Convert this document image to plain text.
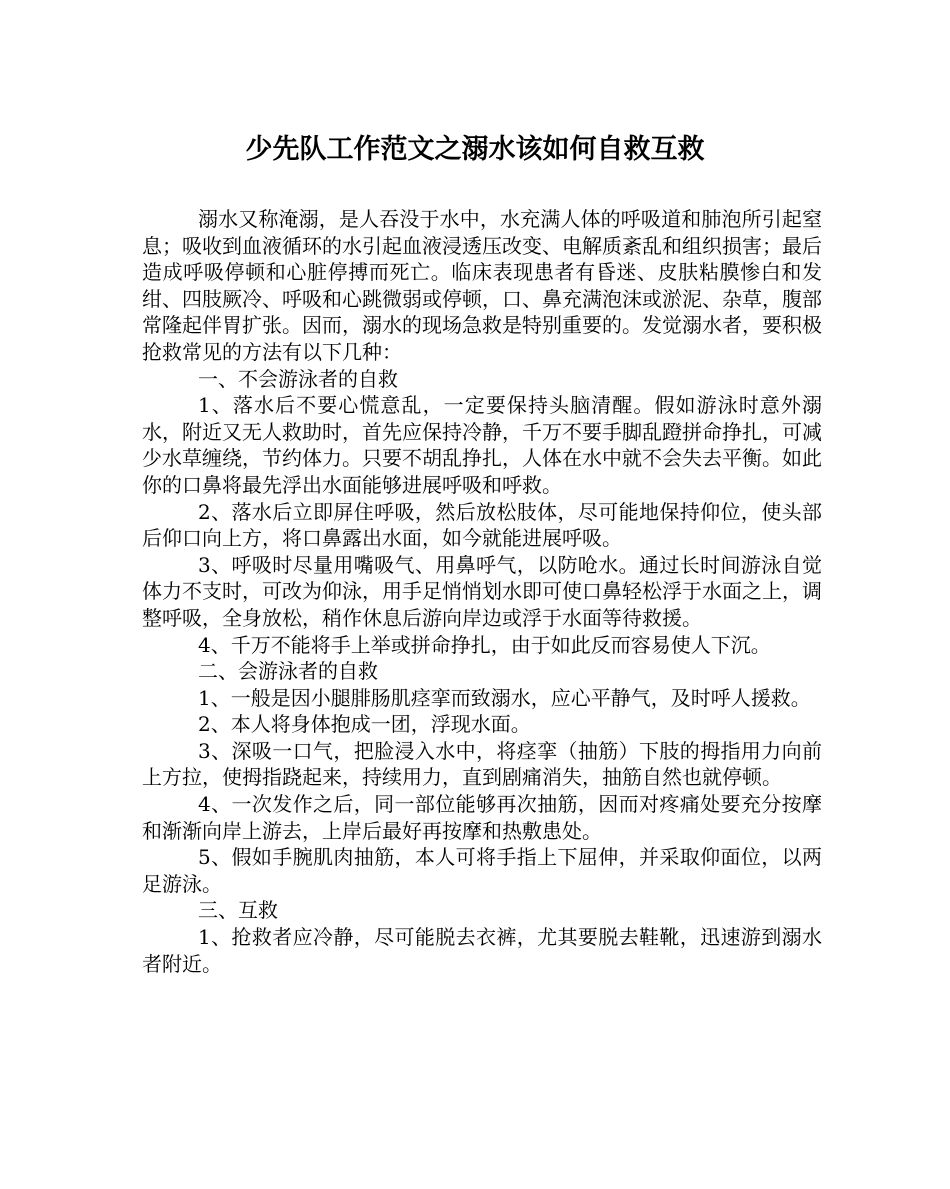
少先队工作范文之溺水该如何自救互救

溺水又称淹溺，是人吞没于水中，水充满人体的呼吸道和肺泡所引起窒息；吸收到血液循环的水引起血液浸透压改变、电解质紊乱和组织损害；最后造成呼吸停顿和心脏停搏而死亡。临床表现患者有昏迷、皮肤粘膜惨白和发绀、四肢厥冷、呼吸和心跳微弱或停顿，口、鼻充满泡沫或淤泥、杂草，腹部常隆起伴胃扩张。因而，溺水的现场急救是特别重要的。发觉溺水者，要积极抢救常见的方法有以下几种：

一、不会游泳者的自救

1、落水后不要心慌意乱，一定要保持头脑清醒。假如游泳时意外溺水，附近又无人救助时，首先应保持冷静，千万不要手脚乱蹬拼命挣扎，可减少水草缠绕，节约体力。只要不胡乱挣扎，人体在水中就不会失去平衡。如此你的口鼻将最先浮出水面能够进展呼吸和呼救。

2、落水后立即屏住呼吸，然后放松肢体，尽可能地保持仰位，使头部后仰口向上方，将口鼻露出水面，如今就能进展呼吸。

3、呼吸时尽量用嘴吸气、用鼻呼气，以防呛水。通过长时间游泳自觉体力不支时，可改为仰泳，用手足悄悄划水即可使口鼻轻松浮于水面之上，调整呼吸，全身放松，稍作休息后游向岸边或浮于水面等待救援。

4、千万不能将手上举或拼命挣扎，由于如此反而容易使人下沉。

二、会游泳者的自救

1、一般是因小腿腓肠肌痉挛而致溺水，应心平静气，及时呼人援救。

2、本人将身体抱成一团，浮现水面。

3、深吸一口气，把脸浸入水中，将痉挛（抽筋）下肢的拇指用力向前上方拉，使拇指跷起来，持续用力，直到剧痛消失，抽筋自然也就停顿。

4、一次发作之后，同一部位能够再次抽筋，因而对疼痛处要充分按摩和渐渐向岸上游去，上岸后最好再按摩和热敷患处。

5、假如手腕肌肉抽筋，本人可将手指上下屈伸，并采取仰面位，以两足游泳。

三、互救

1、抢救者应冷静，尽可能脱去衣裤，尤其要脱去鞋靴，迅速游到溺水者附近。
